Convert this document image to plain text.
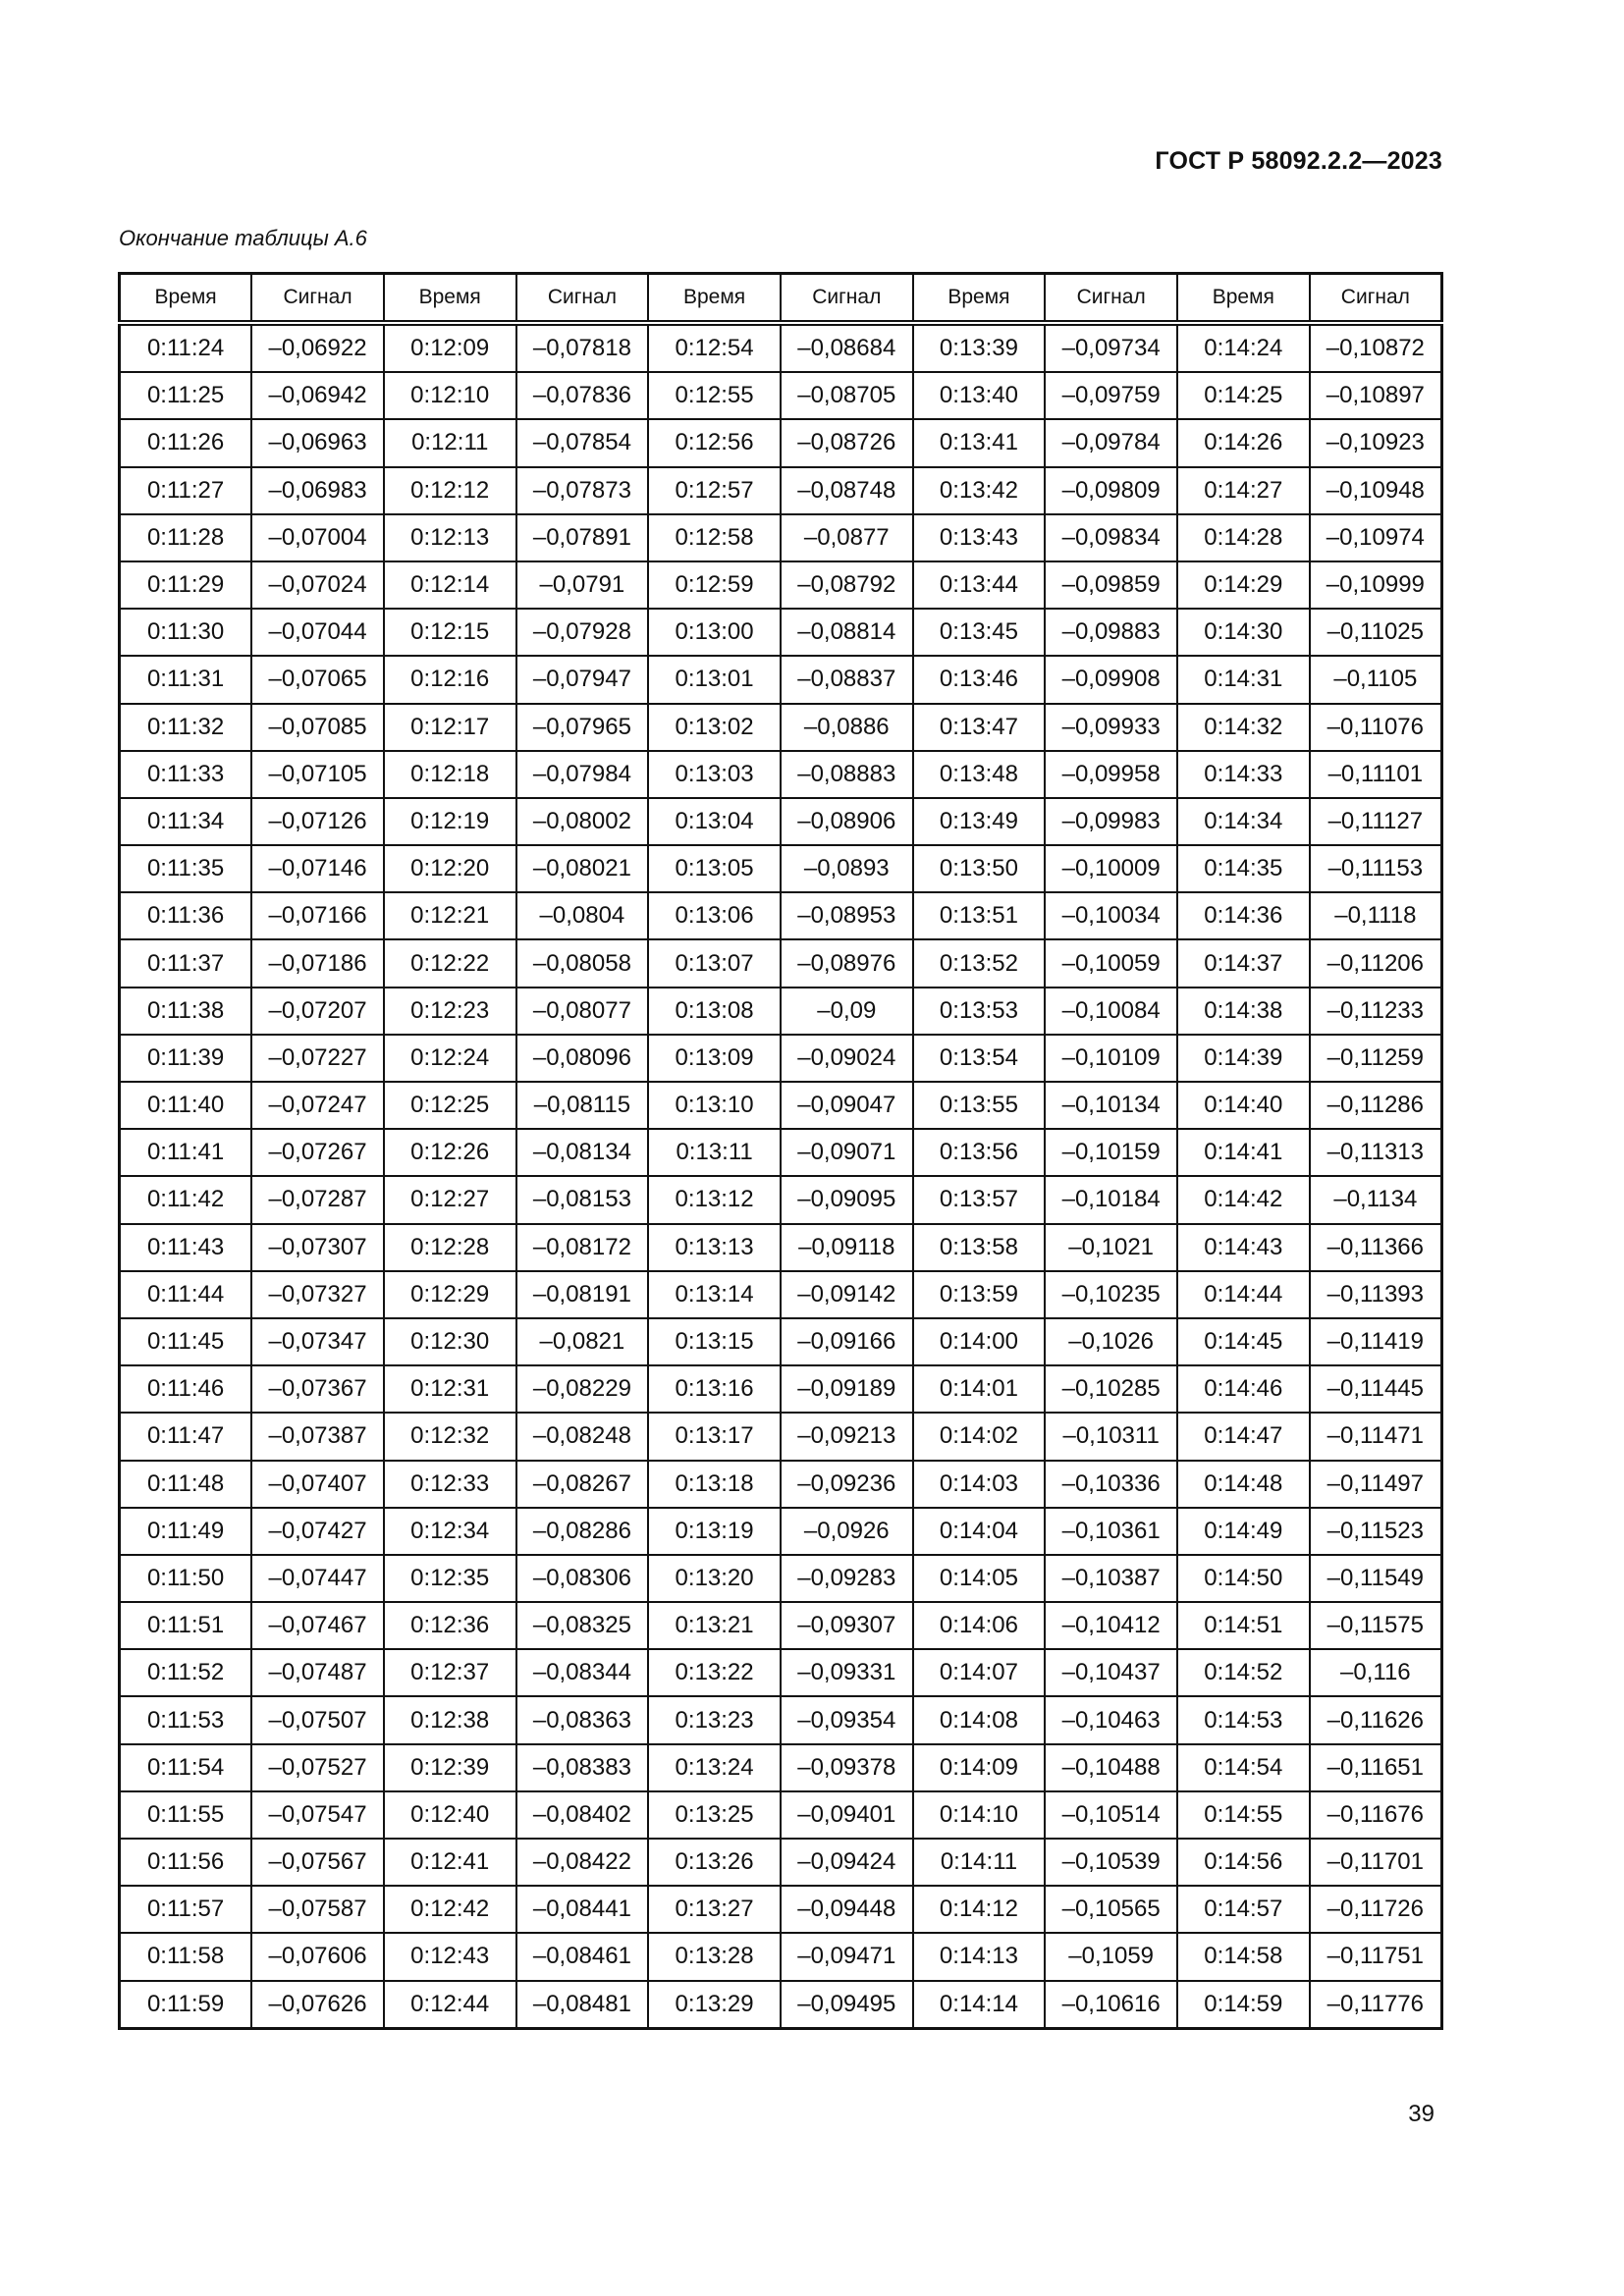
ГОСТ Р 58092.2.2—2023
Окончание таблицы А.6
Время	Сигнал	Время	Сигнал	Время	Сигнал	Время	Сигнал	Время	Сигнал
0:11:24	–0,06922	0:12:09	–0,07818	0:12:54	–0,08684	0:13:39	–0,09734	0:14:24	–0,10872
0:11:25	–0,06942	0:12:10	–0,07836	0:12:55	–0,08705	0:13:40	–0,09759	0:14:25	–0,10897
0:11:26	–0,06963	0:12:11	–0,07854	0:12:56	–0,08726	0:13:41	–0,09784	0:14:26	–0,10923
0:11:27	–0,06983	0:12:12	–0,07873	0:12:57	–0,08748	0:13:42	–0,09809	0:14:27	–0,10948
0:11:28	–0,07004	0:12:13	–0,07891	0:12:58	–0,0877	0:13:43	–0,09834	0:14:28	–0,10974
0:11:29	–0,07024	0:12:14	–0,0791	0:12:59	–0,08792	0:13:44	–0,09859	0:14:29	–0,10999
0:11:30	–0,07044	0:12:15	–0,07928	0:13:00	–0,08814	0:13:45	–0,09883	0:14:30	–0,11025
0:11:31	–0,07065	0:12:16	–0,07947	0:13:01	–0,08837	0:13:46	–0,09908	0:14:31	–0,1105
0:11:32	–0,07085	0:12:17	–0,07965	0:13:02	–0,0886	0:13:47	–0,09933	0:14:32	–0,11076
0:11:33	–0,07105	0:12:18	–0,07984	0:13:03	–0,08883	0:13:48	–0,09958	0:14:33	–0,11101
0:11:34	–0,07126	0:12:19	–0,08002	0:13:04	–0,08906	0:13:49	–0,09983	0:14:34	–0,11127
0:11:35	–0,07146	0:12:20	–0,08021	0:13:05	–0,0893	0:13:50	–0,10009	0:14:35	–0,11153
0:11:36	–0,07166	0:12:21	–0,0804	0:13:06	–0,08953	0:13:51	–0,10034	0:14:36	–0,1118
0:11:37	–0,07186	0:12:22	–0,08058	0:13:07	–0,08976	0:13:52	–0,10059	0:14:37	–0,11206
0:11:38	–0,07207	0:12:23	–0,08077	0:13:08	–0,09	0:13:53	–0,10084	0:14:38	–0,11233
0:11:39	–0,07227	0:12:24	–0,08096	0:13:09	–0,09024	0:13:54	–0,10109	0:14:39	–0,11259
0:11:40	–0,07247	0:12:25	–0,08115	0:13:10	–0,09047	0:13:55	–0,10134	0:14:40	–0,11286
0:11:41	–0,07267	0:12:26	–0,08134	0:13:11	–0,09071	0:13:56	–0,10159	0:14:41	–0,11313
0:11:42	–0,07287	0:12:27	–0,08153	0:13:12	–0,09095	0:13:57	–0,10184	0:14:42	–0,1134
0:11:43	–0,07307	0:12:28	–0,08172	0:13:13	–0,09118	0:13:58	–0,1021	0:14:43	–0,11366
0:11:44	–0,07327	0:12:29	–0,08191	0:13:14	–0,09142	0:13:59	–0,10235	0:14:44	–0,11393
0:11:45	–0,07347	0:12:30	–0,0821	0:13:15	–0,09166	0:14:00	–0,1026	0:14:45	–0,11419
0:11:46	–0,07367	0:12:31	–0,08229	0:13:16	–0,09189	0:14:01	–0,10285	0:14:46	–0,11445
0:11:47	–0,07387	0:12:32	–0,08248	0:13:17	–0,09213	0:14:02	–0,10311	0:14:47	–0,11471
0:11:48	–0,07407	0:12:33	–0,08267	0:13:18	–0,09236	0:14:03	–0,10336	0:14:48	–0,11497
0:11:49	–0,07427	0:12:34	–0,08286	0:13:19	–0,0926	0:14:04	–0,10361	0:14:49	–0,11523
0:11:50	–0,07447	0:12:35	–0,08306	0:13:20	–0,09283	0:14:05	–0,10387	0:14:50	–0,11549
0:11:51	–0,07467	0:12:36	–0,08325	0:13:21	–0,09307	0:14:06	–0,10412	0:14:51	–0,11575
0:11:52	–0,07487	0:12:37	–0,08344	0:13:22	–0,09331	0:14:07	–0,10437	0:14:52	–0,116
0:11:53	–0,07507	0:12:38	–0,08363	0:13:23	–0,09354	0:14:08	–0,10463	0:14:53	–0,11626
0:11:54	–0,07527	0:12:39	–0,08383	0:13:24	–0,09378	0:14:09	–0,10488	0:14:54	–0,11651
0:11:55	–0,07547	0:12:40	–0,08402	0:13:25	–0,09401	0:14:10	–0,10514	0:14:55	–0,11676
0:11:56	–0,07567	0:12:41	–0,08422	0:13:26	–0,09424	0:14:11	–0,10539	0:14:56	–0,11701
0:11:57	–0,07587	0:12:42	–0,08441	0:13:27	–0,09448	0:14:12	–0,10565	0:14:57	–0,11726
0:11:58	–0,07606	0:12:43	–0,08461	0:13:28	–0,09471	0:14:13	–0,1059	0:14:58	–0,11751
0:11:59	–0,07626	0:12:44	–0,08481	0:13:29	–0,09495	0:14:14	–0,10616	0:14:59	–0,11776
39
